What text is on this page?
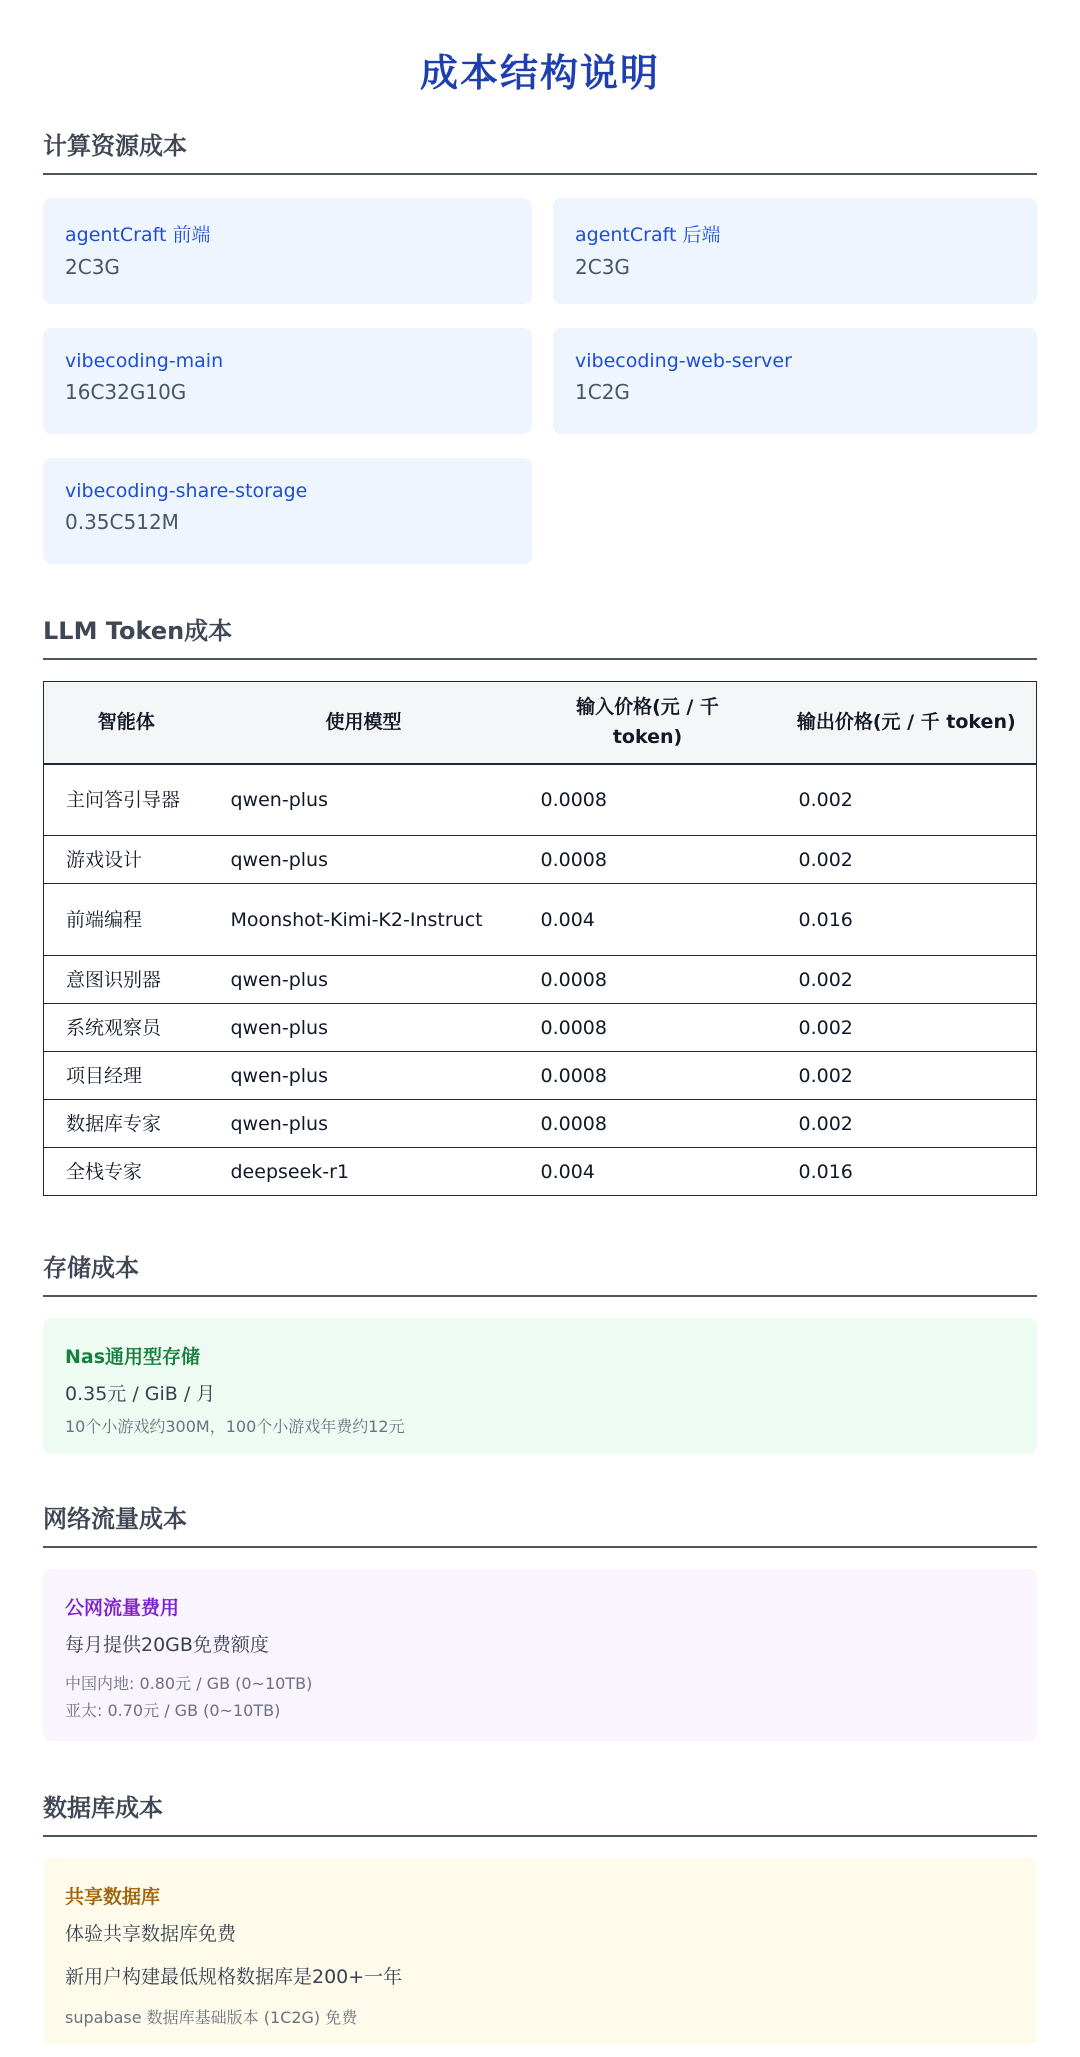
成本结构说明
计算资源成本
agentCraft 前端
2C3G
agentCraft 后端
2C3G
vibecoding-main
16C32G10G
vibecoding-web-server
1C2G
vibecoding-share-storage
0.35C512M
LLM Token成本
智能体	使用模型	输入价格(元 / 千 token)	输出价格(元 / 千 token)
主问答引导器	qwen-plus	0.0008	0.002
游戏设计	qwen-plus	0.0008	0.002
前端编程	Moonshot-Kimi-K2-Instruct	0.004	0.016
意图识别器	qwen-plus	0.0008	0.002
系统观察员	qwen-plus	0.0008	0.002
项目经理	qwen-plus	0.0008	0.002
数据库专家	qwen-plus	0.0008	0.002
全栈专家	deepseek-r1	0.004	0.016
存储成本
Nas通用型存储
0.35元 / GiB / 月
10个小游戏约300M，100个小游戏年费约12元
网络流量成本
公网流量费用
每月提供20GB免费额度
中国内地: 0.80元 / GB (0~10TB)
亚太: 0.70元 / GB (0~10TB)
数据库成本
共享数据库
体验共享数据库免费
新用户构建最低规格数据库是200+一年
supabase 数据库基础版本 (1C2G) 免费
